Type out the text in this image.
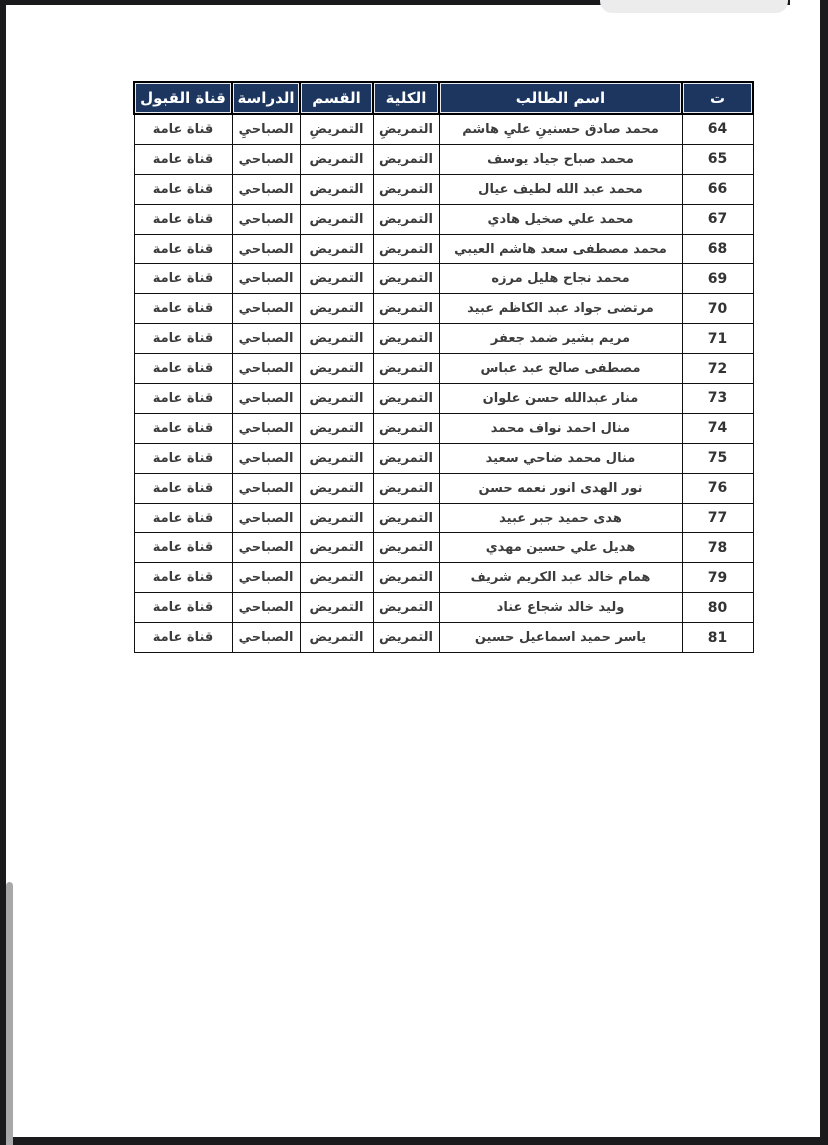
ت	اسم الطالب	الكلية	القسم	الدراسة	قناة القبول
64	محمد صادق حسنينِ عليِ هاشم	التمريضِ	التمريضِ	الصباحيِ	قناة عامة
65	محمد صباح جياد يوسف	التمريض	التمريض	الصباحي	قناة عامة
66	محمد عبد الله لطيف عيال	التمريض	التمريض	الصباحي	قناة عامة
67	محمد علي صخيل هادي	التمريض	التمريض	الصباحي	قناة عامة
68	محمد مصطفى سعد هاشم العيبي	التمريض	التمريض	الصباحي	قناة عامة
69	محمد نجاح هليل مرزه	التمريض	التمريض	الصباحي	قناة عامة
70	مرتضى جواد عبد الكاظم عبيد	التمريض	التمريض	الصباحي	قناة عامة
71	مريم بشير ضمد جعفر	التمريض	التمريض	الصباحي	قناة عامة
72	مصطفى صالح عبد عباس	التمريض	التمريض	الصباحي	قناة عامة
73	منار عبدالله حسن علوان	التمريض	التمريض	الصباحي	قناة عامة
74	منال احمد نواف محمد	التمريض	التمريض	الصباحي	قناة عامة
75	منال محمد ضاحي سعيد	التمريض	التمريض	الصباحي	قناة عامة
76	نور الهدى انور نعمه حسن	التمريض	التمريض	الصباحي	قناة عامة
77	هدى حميد جبر عبيد	التمريض	التمريض	الصباحي	قناة عامة
78	هديل علي حسين مهدي	التمريض	التمريض	الصباحي	قناة عامة
79	همام خالد عبد الكريم شريف	التمريض	التمريض	الصباحي	قناة عامة
80	وليد خالد شجاع عناد	التمريض	التمريض	الصباحي	قناة عامة
81	ياسر حميد اسماعيل حسين	التمريض	التمريض	الصباحي	قناة عامة
